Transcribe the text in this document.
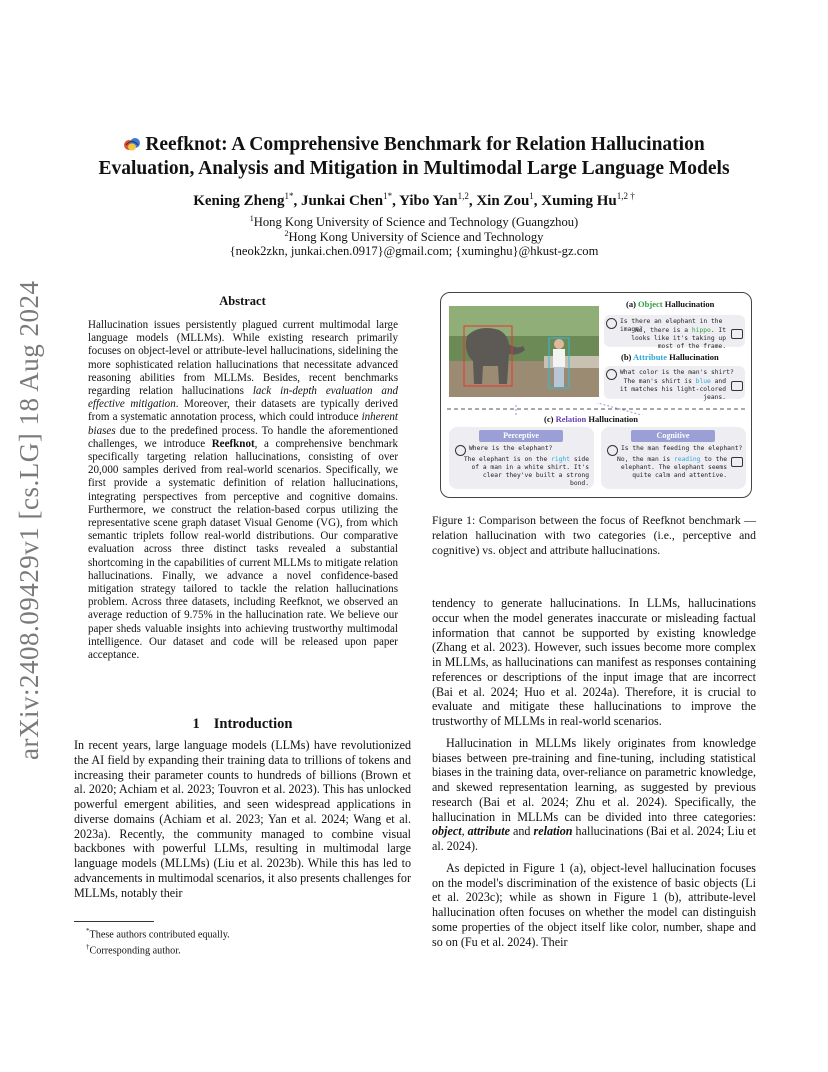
arXiv:2408.09429v1 [cs.LG] 18 Aug 2024
Reefknot: A Comprehensive Benchmark for Relation Hallucination
Evaluation, Analysis and Mitigation in Multimodal Large Language Models
Kening Zheng$^{1*}$, Junkai Chen$^{1*}$, Yibo Yan$^{1,2}$, Xin Zou$^1$, Xuming $Hu^{1,2 \dagger}$
$^1$Hong Kong University of Science and Technology (Guangzhou)
$^2$Hong Kong University of Science and Technology
{neok2zkn, junkai.chen.0917}@gmail.com; {xuminghu}@hkust-gz.com
Abstract
Hallucination issues persistently plagued current multimodal large language models (MLLMs). While existing research primarily focuses on object-level or attribute-level hallucinations, sidelining the more sophisticated relation hallucinations that necessitate advanced reasoning abilities from MLLMs. Besides, recent benchmarks regarding relation hallucinations lack in-depth evaluation and effective mitigation. Moreover, their datasets are typically derived from a systematic annotation process, which could introduce inherent biases due to the predefined process. To handle the aforementioned challenges, we introduce Reefknot, a comprehensive benchmark specifically targeting relation hallucinations, consisting of over 20,000 samples derived from real-world scenarios. Specifically, we first provide a systematic definition of relation hallucinations, integrating perspectives from perceptive and cognitive domains. Furthermore, we construct the relation-based corpus utilizing the representative scene graph dataset Visual Genome (VG), from which semantic triplets follow real-world distributions. Our comparative evaluation across three distinct tasks revealed a substantial shortcoming in the capabilities of current MLLMs to mitigate relation hallucinations. Finally, we advance a novel confidence-based mitigation strategy tailored to tackle the relation hallucinations problem. Across three datasets, including Reefknot, we observed an average reduction of 9.75% in the hallucination rate. We believe our paper sheds valuable insights into achieving trustworthy multimodal intelligence. Our dataset and code will be released upon paper acceptance.
1 Introduction
In recent years, large language models (LLMs) have revolutionized the AI field by expanding their training data to trillions of tokens and increasing their parameter counts to hundreds of billions (Brown et al. 2020; Achiam et al. 2023; Touvron et al. 2023). This has unlocked powerful emergent abilities, and seen widespread applications in diverse domains (Achiam et al. 2023; Yan et al. 2024; Wang et al. 2023a). Recently, the community managed to combine visual backbones with powerful LLMs, resulting in multimodal large language models (MLLMs) (Liu et al. 2023b). While this has led to advancements in multimodal scenarios, it also presents challenges for MLLMs, notably their
*These authors contributed equally.
†Corresponding author.
(a) Object Hallucination
Is there an elephant in the image?
No, there is a hippo. It looks like it's taking up most of the frame.
(b) Attribute Hallucination
What color is the man's shirt?
The man's shirt is blue and it matches his light-colored jeans.
(c) Relation Hallucination
Perceptive
Where is the elephant?
The elephant is on the right side of a man in a white shirt. It's clear they've built a strong bond.
Cognitive
Is the man feeding the elephant?
No, the man is reading to the elephant. The elephant seems quite calm and attentive.
Figure 1: Comparison between the focus of Reefknot benchmark — relation hallucination with two categories (i.e., perceptive and cognitive) vs. object and attribute hallucinations.

tendency to generate hallucinations. In LLMs, hallucinations occur when the model generates inaccurate or misleading factual information that cannot be supported by existing knowledge (Zhang et al. 2023). However, such issues become more complex in MLLMs, as hallucinations can manifest as responses containing references or descriptions of the input image that are incorrect (Bai et al. 2024; Huo et al. 2024a). Therefore, it is crucial to evaluate and mitigate these hallucinations to improve the trustworthy of MLLMs in real-world scenarios.

Hallucination in MLLMs likely originates from knowledge biases between pre-training and fine-tuning, including statistical biases in the training data, over-reliance on parametric knowledge, and skewed representation learning, as suggested by previous research (Bai et al. 2024; Zhu et al. 2024). Specifically, the hallucination in MLLMs can be divided into three categories: object, attribute and relation hallucinations (Bai et al. 2024; Liu et al. 2024).

As depicted in Figure 1 (a), object-level hallucination focuses on the model's discrimination of the existence of basic objects (Li et al. 2023c); while as shown in Figure 1 (b), attribute-level hallucination often focuses on whether the model can distinguish some properties of the object itself like color, number, shape and so on (Fu et al. 2024). Their
